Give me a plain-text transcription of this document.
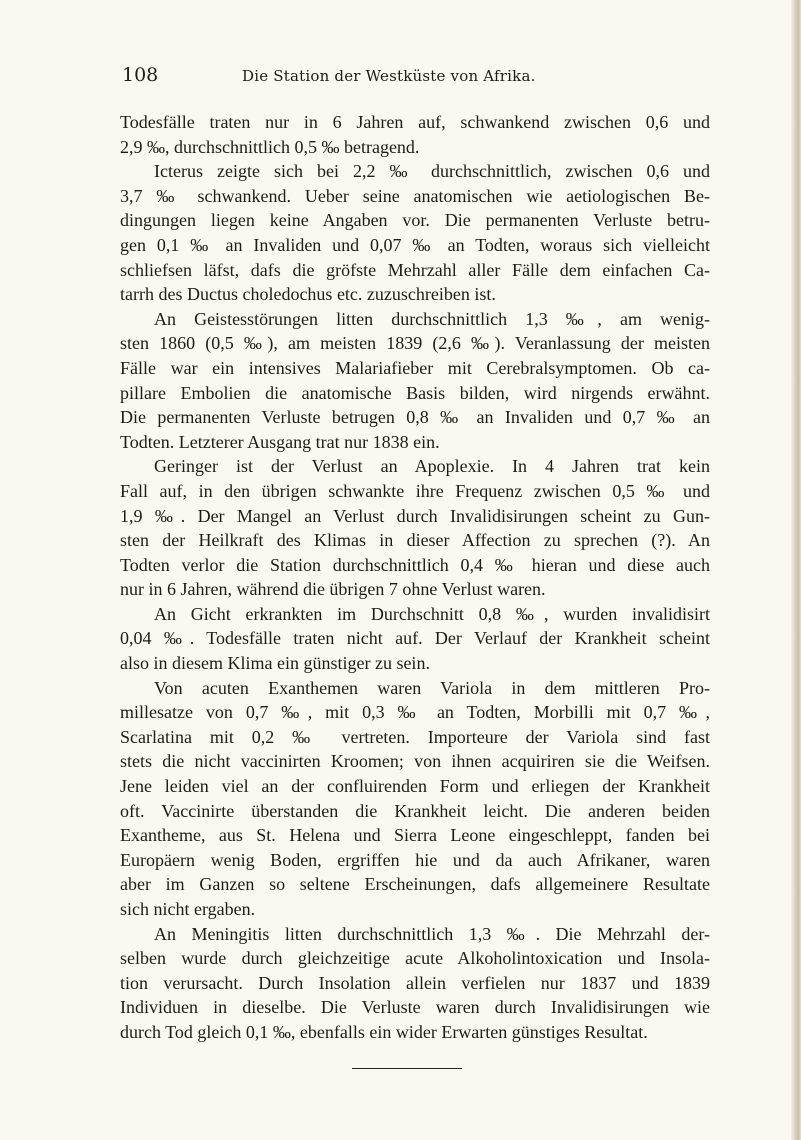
108	Die Station der Westküste von Afrika.
Todesfälle traten nur in 6 Jahren auf, schwankend zwischen 0,6 und
2,9 ‰, durchschnittlich 0,5 ‰ betragend.
Icterus zeigte sich bei 2,2 ‰ durchschnittlich, zwischen 0,6 und
3,7 ‰ schwankend. Ueber seine anatomischen wie aetiologischen Be-
dingungen liegen keine Angaben vor. Die permanenten Verluste betru-
gen 0,1 ‰ an Invaliden und 0,07 ‰ an Todten, woraus sich vielleicht
schliefsen läfst, dafs die gröfste Mehrzahl aller Fälle dem einfachen Ca-
tarrh des Ductus choledochus etc. zuzuschreiben ist.
An Geistesstörungen litten durchschnittlich 1,3 ‰, am wenig-
sten 1860 (0,5 ‰), am meisten 1839 (2,6 ‰). Veranlassung der meisten
Fälle war ein intensives Malariafieber mit Cerebralsymptomen. Ob ca-
pillare Embolien die anatomische Basis bilden, wird nirgends erwähnt.
Die permanenten Verluste betrugen 0,8 ‰ an Invaliden und 0,7 ‰ an
Todten. Letzterer Ausgang trat nur 1838 ein.
Geringer ist der Verlust an Apoplexie. In 4 Jahren trat kein
Fall auf, in den übrigen schwankte ihre Frequenz zwischen 0,5 ‰ und
1,9 ‰. Der Mangel an Verlust durch Invalidisirungen scheint zu Gun-
sten der Heilkraft des Klimas in dieser Affection zu sprechen (?). An
Todten verlor die Station durchschnittlich 0,4 ‰ hieran und diese auch
nur in 6 Jahren, während die übrigen 7 ohne Verlust waren.
An Gicht erkrankten im Durchschnitt 0,8 ‰, wurden invalidisirt
0,04 ‰. Todesfälle traten nicht auf. Der Verlauf der Krankheit scheint
also in diesem Klima ein günstiger zu sein.
Von acuten Exanthemen waren Variola in dem mittleren Pro-
millesatze von 0,7 ‰, mit 0,3 ‰ an Todten, Morbilli mit 0,7 ‰,
Scarlatina mit 0,2 ‰ vertreten. Importeure der Variola sind fast
stets die nicht vaccinirten Kroomen; von ihnen acquiriren sie die Weifsen.
Jene leiden viel an der confluirenden Form und erliegen der Krankheit
oft. Vaccinirte überstanden die Krankheit leicht. Die anderen beiden
Exantheme, aus St. Helena und Sierra Leone eingeschleppt, fanden bei
Europäern wenig Boden, ergriffen hie und da auch Afrikaner, waren
aber im Ganzen so seltene Erscheinungen, dafs allgemeinere Resultate
sich nicht ergaben.
An Meningitis litten durchschnittlich 1,3 ‰. Die Mehrzahl der-
selben wurde durch gleichzeitige acute Alkoholintoxication und Insola-
tion verursacht. Durch Insolation allein verfielen nur 1837 und 1839
Individuen in dieselbe. Die Verluste waren durch Invalidisirungen wie
durch Tod gleich 0,1 ‰, ebenfalls ein wider Erwarten günstiges Resultat.
